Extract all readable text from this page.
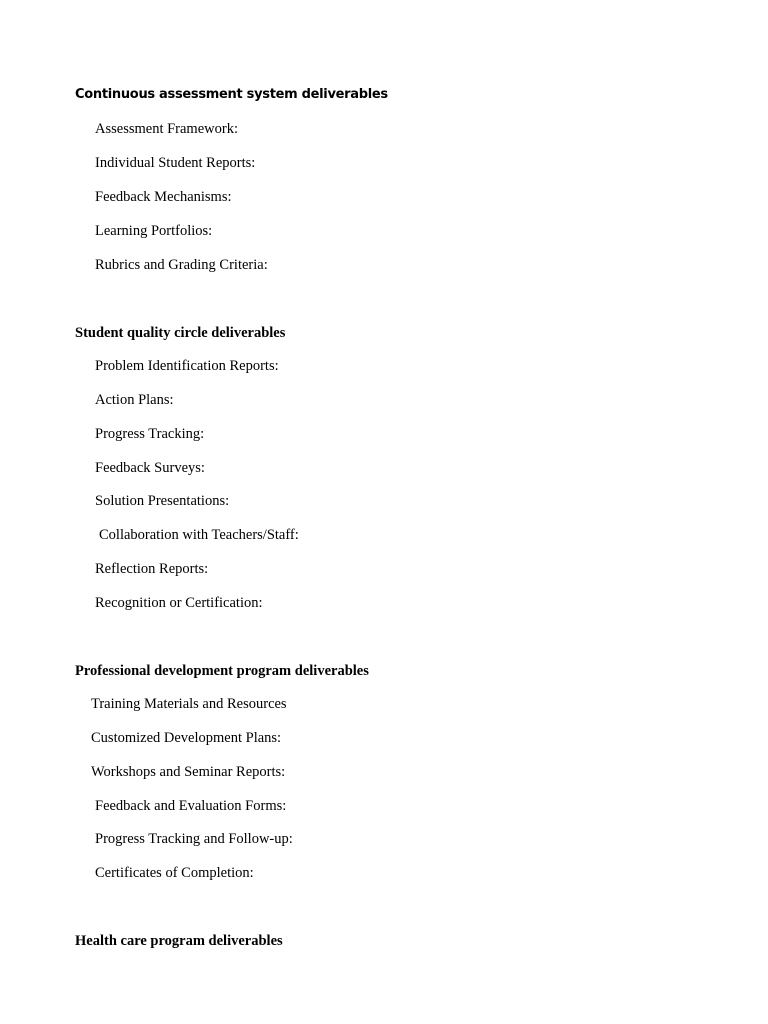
Continuous assessment system deliverables
Assessment Framework:
Individual Student Reports:
Feedback Mechanisms:
Learning Portfolios:
Rubrics and Grading Criteria:
Student quality circle deliverables
Problem Identification Reports:
Action Plans:
Progress Tracking:
Feedback Surveys:
Solution Presentations:
Collaboration with Teachers/Staff:
Reflection Reports:
Recognition or Certification:
Professional development program deliverables
Training Materials and Resources
Customized Development Plans:
Workshops and Seminar Reports:
Feedback and Evaluation Forms:
Progress Tracking and Follow-up:
Certificates of Completion:
Health care program deliverables
